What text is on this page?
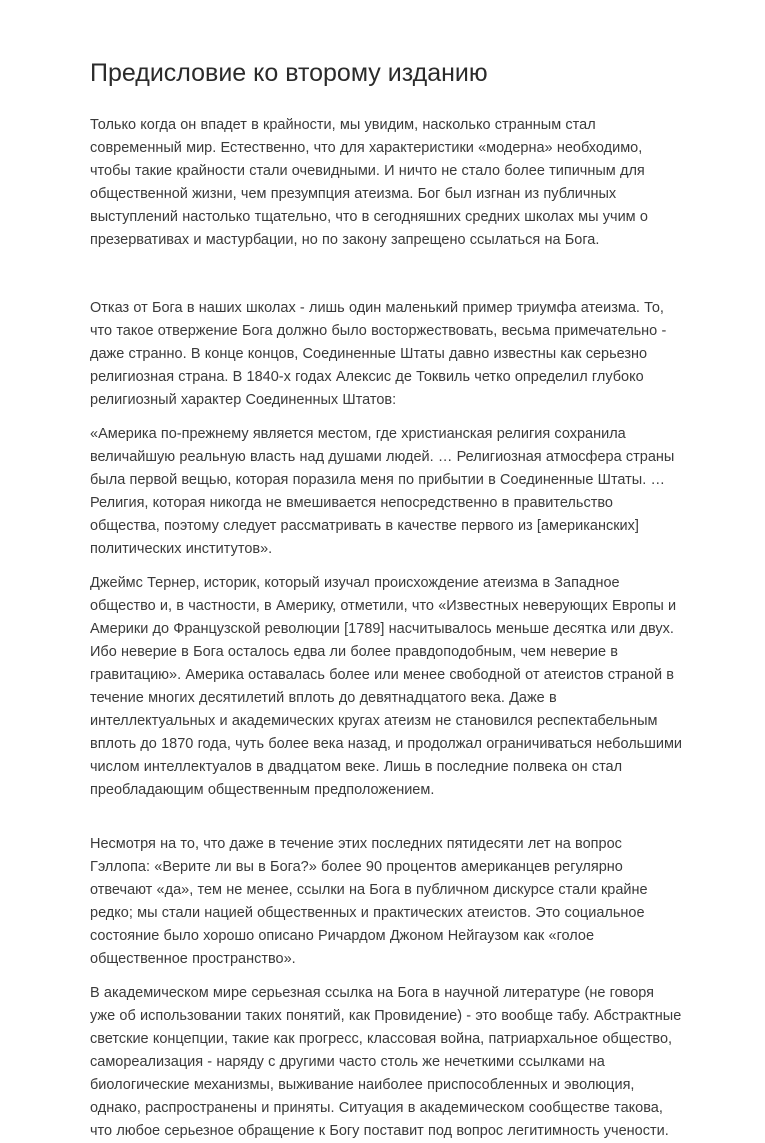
Предисловие ко второму изданию

Только когда он впадет в крайности, мы увидим, насколько странным стал современный мир. Естественно, что для характеристики «модерна» необходимо, чтобы такие крайности стали очевидными. И ничто не стало более типичным для общественной жизни, чем презумпция атеизма. Бог был изгнан из публичных выступлений настолько тщательно, что в сегодняшних средних школах мы учим о презервативах и мастурбации, но по закону запрещено ссылаться на Бога.

Отказ от Бога в наших школах - лишь один маленький пример триумфа атеизма. То, что такое отвержение Бога должно было восторжествовать, весьма примечательно - даже странно. В конце концов, Соединенные Штаты давно известны как серьезно религиозная страна. В 1840-х годах Алексис де Токвиль четко определил глубоко религиозный характер Соединенных Штатов:

«Америка по-прежнему является местом, где христианская религия сохранила величайшую реальную власть над душами людей. … Религиозная атмосфера страны была первой вещью, которая поразила меня по прибытии в Соединенные Штаты. … Религия, которая никогда не вмешивается непосредственно в правительство общества, поэтому следует рассматривать в качестве первого из [американских] политических институтов».

Джеймс Тернер, историк, который изучал происхождение атеизма в Западное общество и, в частности, в Америку, отметили, что «Известных неверующих Европы и Америки до Французской революции [1789] насчитывалось меньше десятка или двух. Ибо неверие в Бога осталось едва ли более правдоподобным, чем неверие в гравитацию». Америка оставалась более или менее свободной от атеистов страной в течение многих десятилетий вплоть до девятнадцатого века. Даже в интеллектуальных и академических кругах атеизм не становился респектабельным вплоть до 1870 года, чуть более века назад, и продолжал ограничиваться небольшими числом интеллектуалов в двадцатом веке. Лишь в последние полвека он стал преобладающим общественным предположением.

Несмотря на то, что даже в течение этих последних пятидесяти лет на вопрос Гэллопа: «Верите ли вы в Бога?» более 90 процентов американцев регулярно отвечают «да», тем не менее, ссылки на Бога в публичном дискурсе стали крайне редко; мы стали нацией общественных и практических атеистов. Это социальное состояние было хорошо описано Ричардом Джоном Нейгаузом как «голое общественное пространство».

В академическом мире серьезная ссылка на Бога в научной литературе (не говоря уже об использовании таких понятий, как Провидение) - это вообще табу. Абстрактные светские концепции, такие как прогресс, классовая война, патриархальное общество, самореализация - наряду с другими часто столь же нечеткими ссылками на биологические механизмы, выживание наиболее приспособленных и эволюция, однако, распространены и приняты. Ситуация в академическом сообществе такова, что любое серьезное обращение к Богу поставит под вопрос легитимность учености.
